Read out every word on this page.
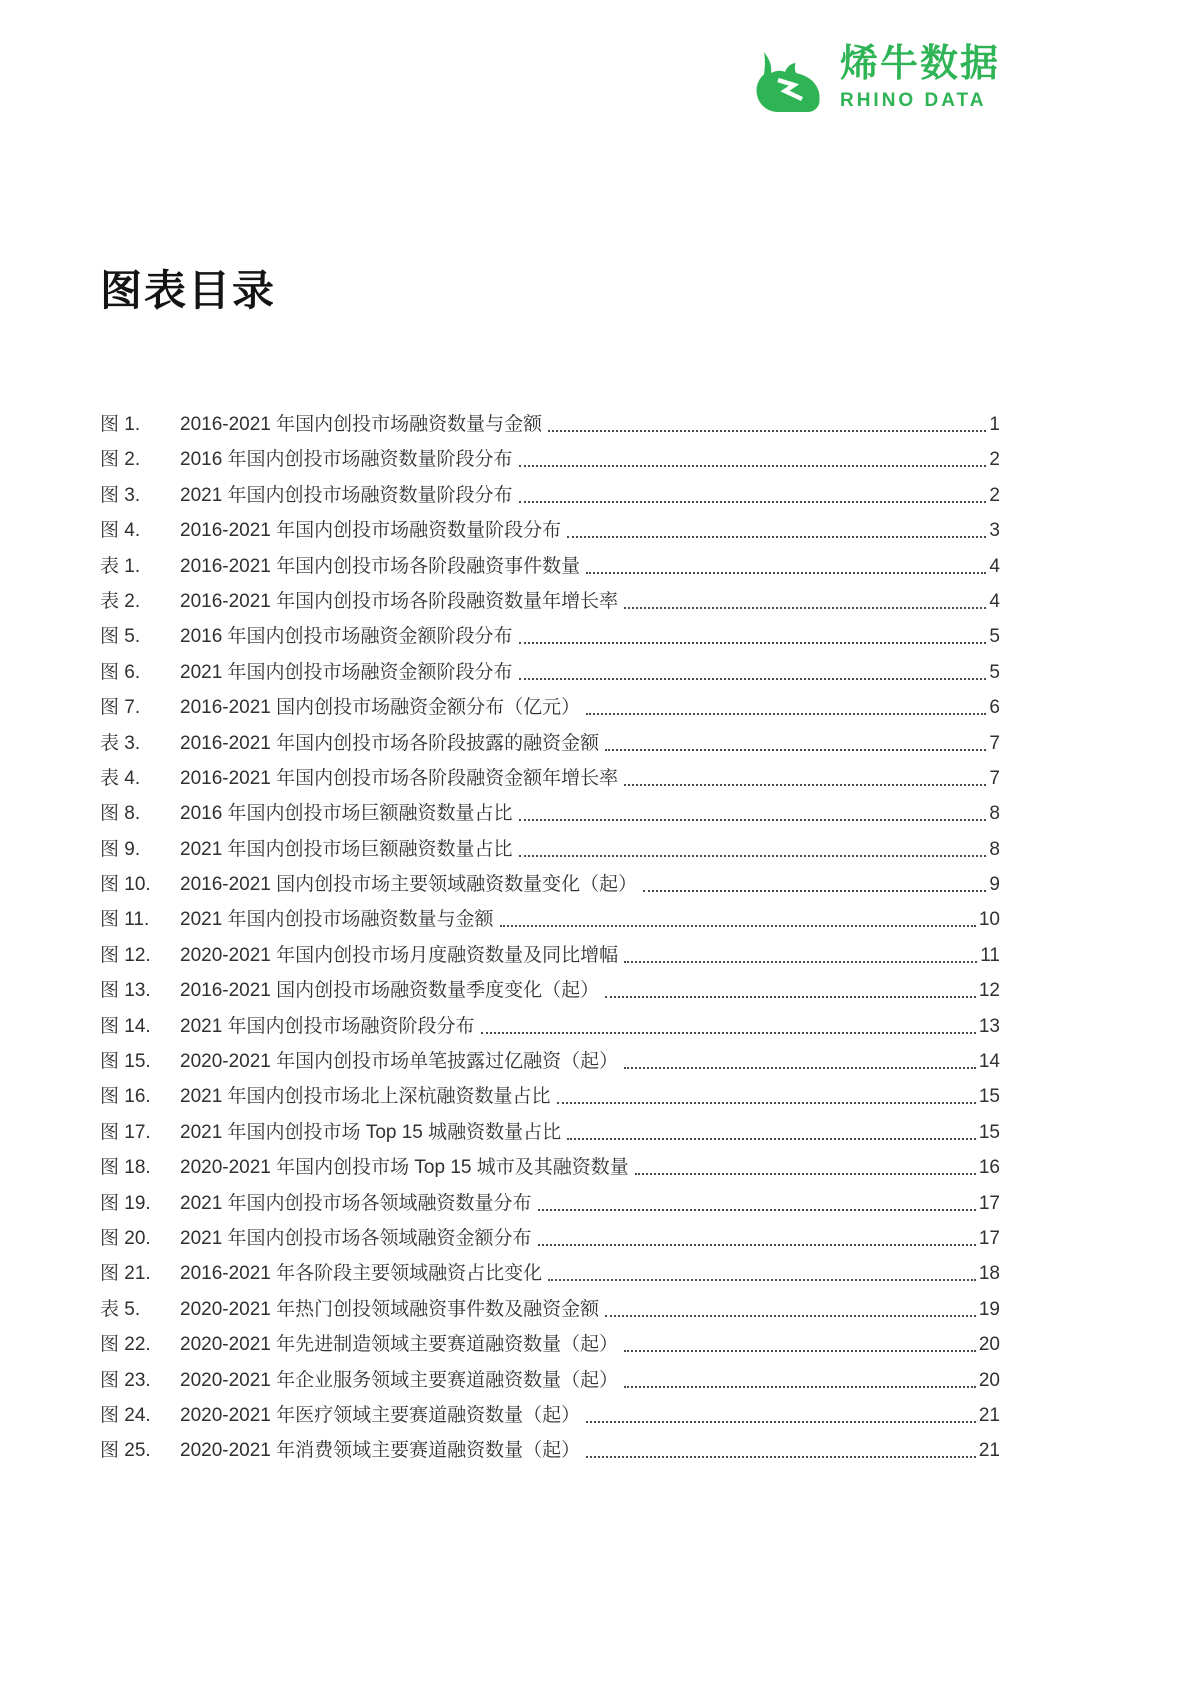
烯牛数据
RHINO DATA
图表目录
图 1.	2016-2021 年国内创投市场融资数量与金额	1
图 2.	2016 年国内创投市场融资数量阶段分布	2
图 3.	2021 年国内创投市场融资数量阶段分布	2
图 4.	2016-2021 年国内创投市场融资数量阶段分布	3
表 1.	2016-2021 年国内创投市场各阶段融资事件数量	4
表 2.	2016-2021 年国内创投市场各阶段融资数量年增长率	4
图 5.	2016 年国内创投市场融资金额阶段分布	5
图 6.	2021 年国内创投市场融资金额阶段分布	5
图 7.	2016-2021 国内创投市场融资金额分布（亿元）	6
表 3.	2016-2021 年国内创投市场各阶段披露的融资金额	7
表 4.	2016-2021 年国内创投市场各阶段融资金额年增长率	7
图 8.	2016 年国内创投市场巨额融资数量占比	8
图 9.	2021 年国内创投市场巨额融资数量占比	8
图 10.	2016-2021 国内创投市场主要领域融资数量变化（起）	9
图 11.	2021 年国内创投市场融资数量与金额	10
图 12.	2020-2021 年国内创投市场月度融资数量及同比增幅	11
图 13.	2016-2021 国内创投市场融资数量季度变化（起）	12
图 14.	2021 年国内创投市场融资阶段分布	13
图 15.	2020-2021 年国内创投市场单笔披露过亿融资（起）	14
图 16.	2021 年国内创投市场北上深杭融资数量占比	15
图 17.	2021 年国内创投市场 Top 15 城融资数量占比	15
图 18.	2020-2021 年国内创投市场 Top 15 城市及其融资数量	16
图 19.	2021 年国内创投市场各领域融资数量分布	17
图 20.	2021 年国内创投市场各领域融资金额分布	17
图 21.	2016-2021 年各阶段主要领域融资占比变化	18
表 5.	2020-2021 年热门创投领域融资事件数及融资金额	19
图 22.	2020-2021 年先进制造领域主要赛道融资数量（起）	20
图 23.	2020-2021 年企业服务领域主要赛道融资数量（起）	20
图 24.	2020-2021 年医疗领域主要赛道融资数量（起）	21
图 25.	2020-2021 年消费领域主要赛道融资数量（起）	21
